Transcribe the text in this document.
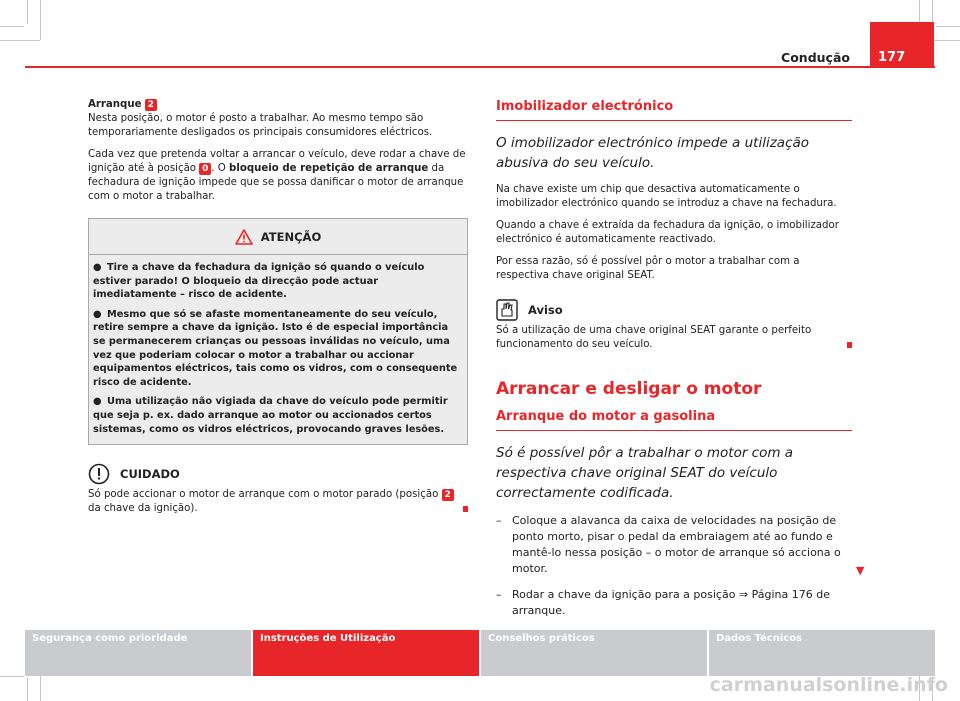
Condução	177

Arranque 2
Nesta posição, o motor é posto a trabalhar. Ao mesmo tempo são temporariamente desligados os principais consumidores eléctricos.

Cada vez que pretenda voltar a arrancar o veículo, deve rodar a chave de ignição até à posição 0 . O bloqueio de repetição de arranque da fechadura de ignição impede que se possa danificar o motor de arranque com o motor a trabalhar.

ATENÇÃO

● Tire a chave da fechadura da ignição só quando o veículo estiver parado! O bloqueio da direcção pode actuar imediatamente – risco de acidente.

● Mesmo que só se afaste momentaneamente do seu veículo, retire sempre a chave da ignição. Isto é de especial importância se permanecerem crianças ou pessoas inválidas no veículo, uma vez que poderiam colocar o motor a trabalhar ou accionar equipamentos eléctricos, tais como os vidros, com o consequente risco de acidente.

● Uma utilização não vigiada da chave do veículo pode permitir que seja p. ex. dado arranque ao motor ou accionados certos sistemas, como os vidros eléctricos, provocando graves lesões.

CUIDADO

Só pode accionar o motor de arranque com o motor parado (posição 2 da chave da ignição).

Imobilizador electrónico
O imobilizador electrónico impede a utilização abusiva do seu veículo.

Na chave existe um chip que desactiva automaticamente o imobilizador electrónico quando se introduz a chave na fechadura.

Quando a chave é extraída da fechadura da ignição, o imobilizador electrónico é automaticamente reactivado.

Por essa razão, só é possível pôr o motor a trabalhar com a respectiva chave original SEAT.

Aviso

Só a utilização de uma chave original SEAT garante o perfeito funcionamento do seu veículo.

Arrancar e desligar o motor
Arranque do motor a gasolina
Só é possível pôr a trabalhar o motor com a respectiva chave original SEAT do veículo correctamente codificada.
– Coloque a alavanca da caixa de velocidades na posição de ponto morto, pisar o pedal da embraiagem até ao fundo e mantê-lo nessa posição – o motor de arranque só acciona o motor.
– Rodar a chave da ignição para a posição ⇒ Página 176 de arranque.
▼
Segurança como prioridade	Instruções de Utilização	Conselhos práticos	Dados Técnicos
carmanualsonline.info
